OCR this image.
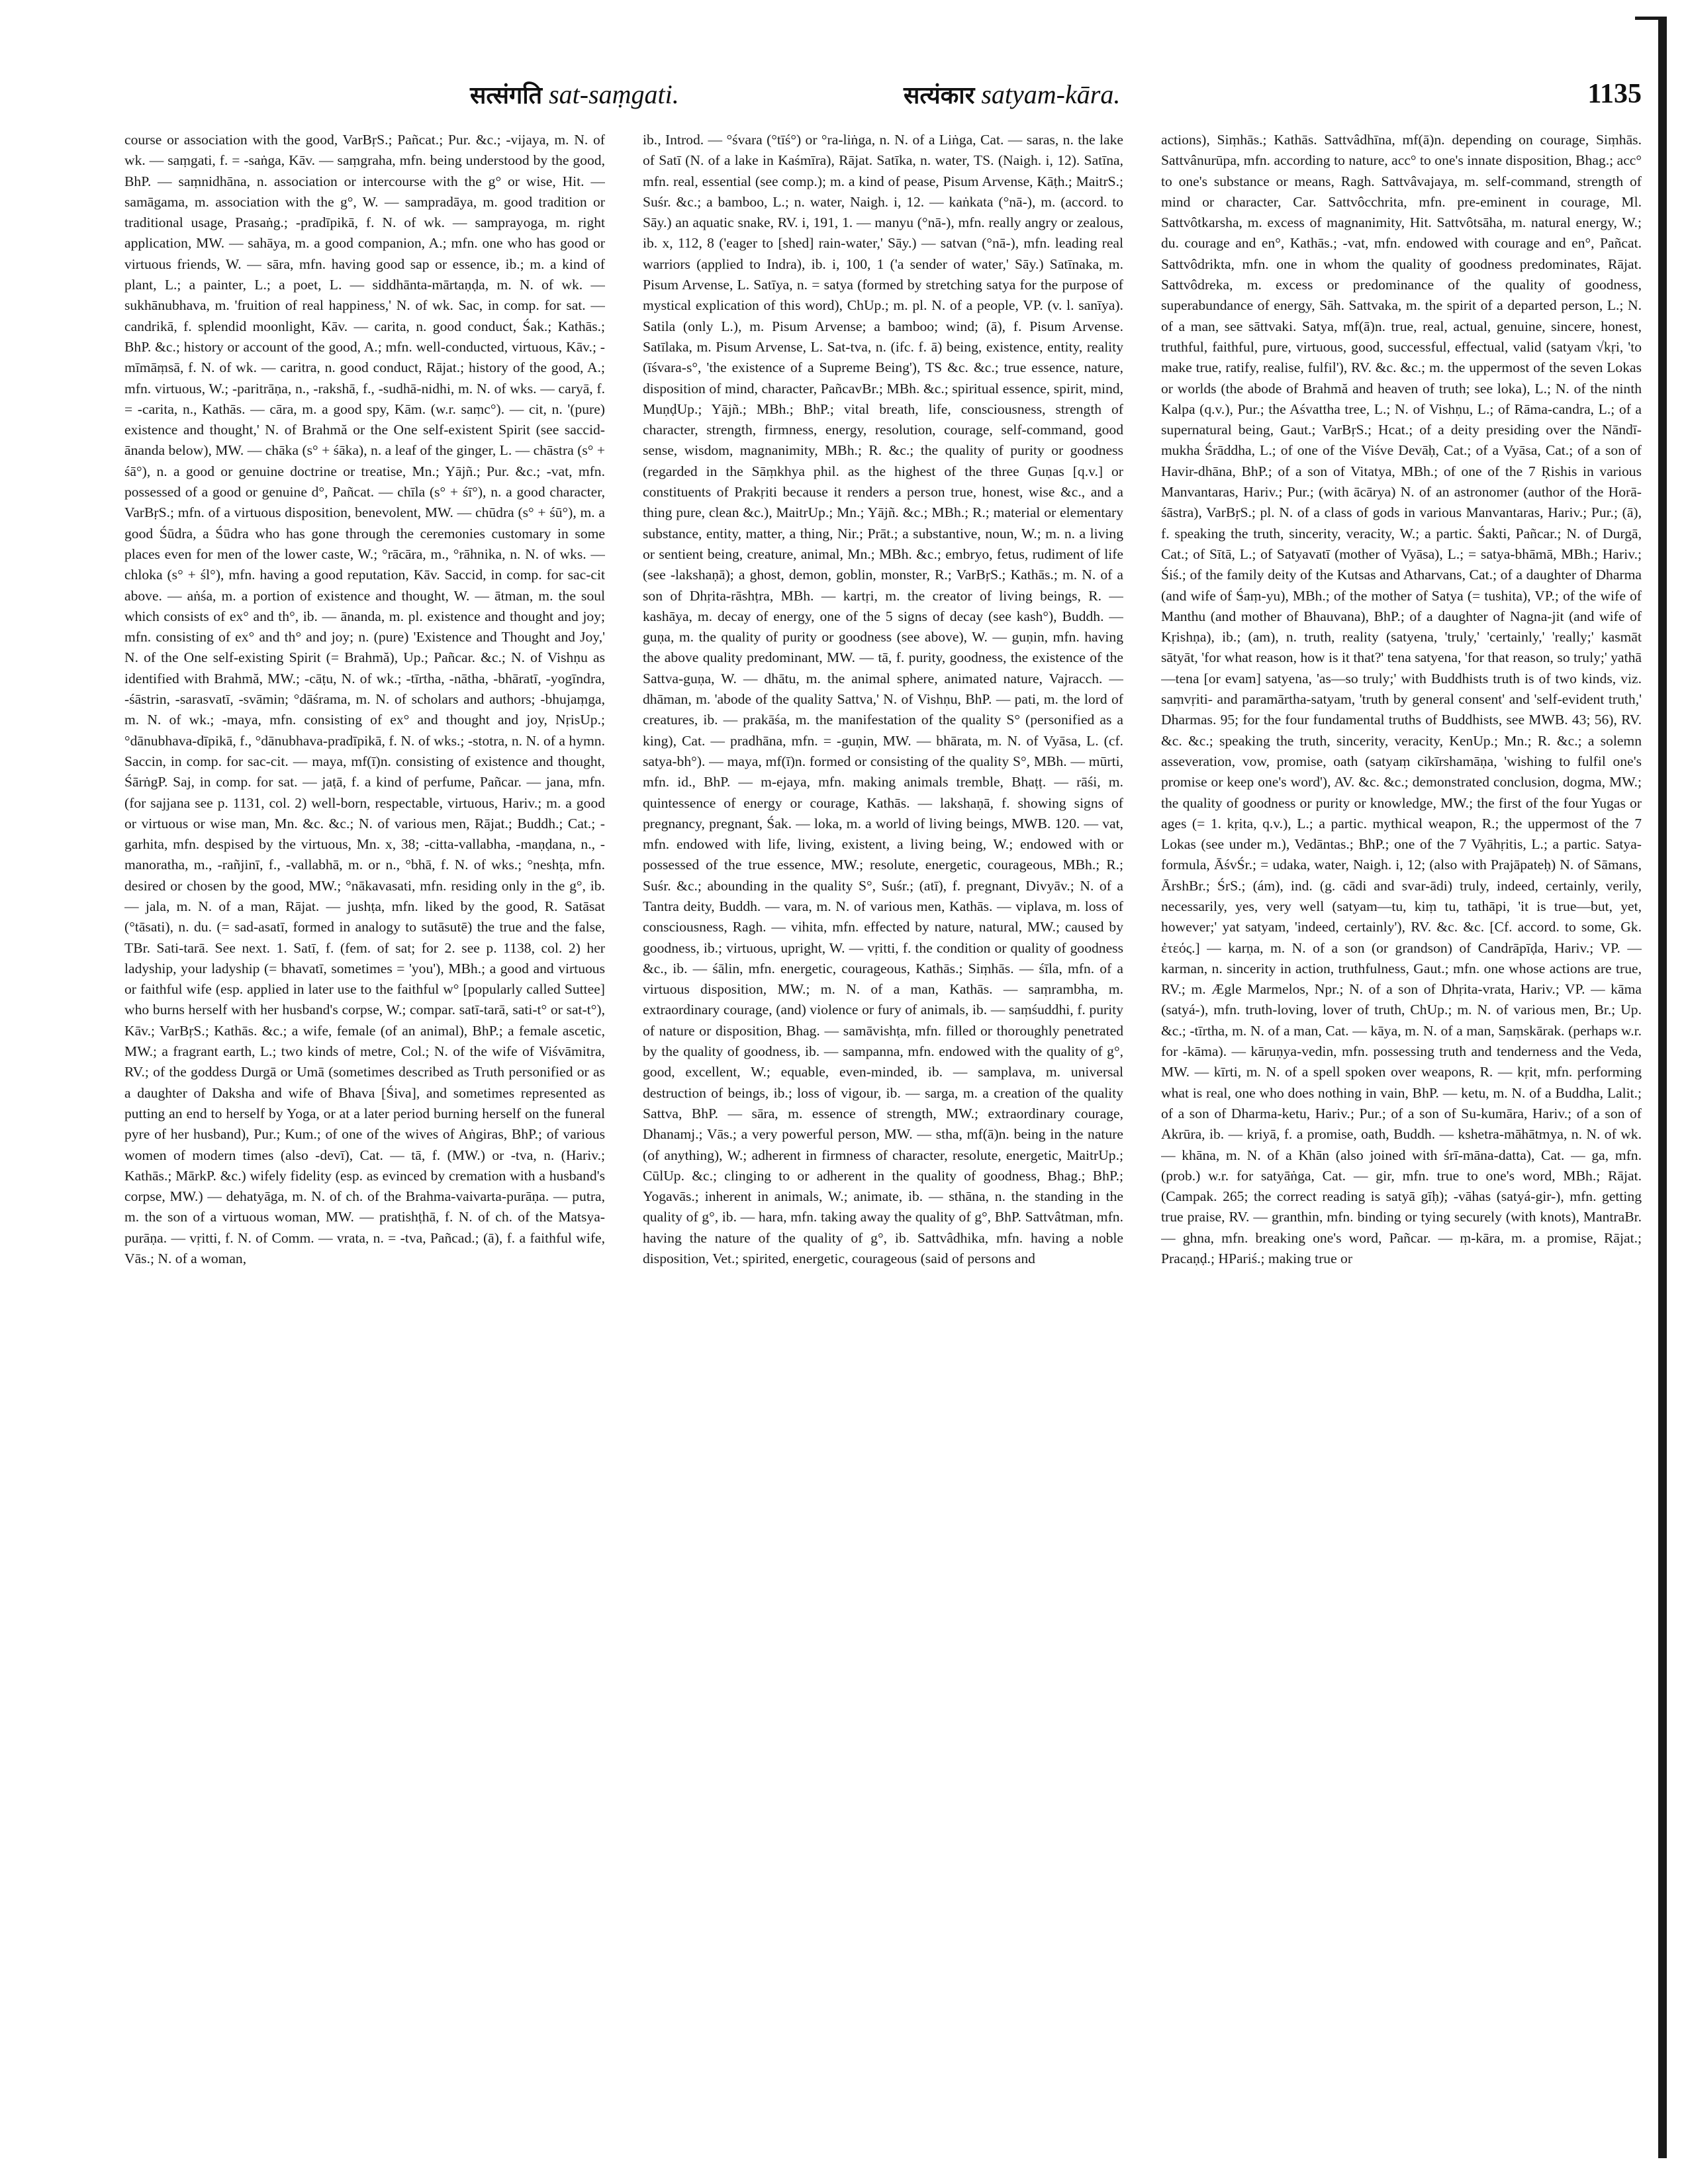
सत्संगति sat-saṃgati.	सत्यंकार satyam-kāra.	1135

course or association with the good, VarBṛS.; Pañcat.; Pur. &c.; -vijaya, m. N. of wk. — saṃgati, f. = -saṅga, Kāv. — saṃgraha, mfn. being understood by the good, BhP. — saṃnidhāna, n. association or intercourse with the g° or wise, Hit. — samāgama, m. association with the g°, W. — sampradāya, m. good tradition or traditional usage, Prasaṅg.; -pradīpikā, f. N. of wk. — samprayoga, m. right application, MW. — sahāya, m. a good companion, A.; mfn. one who has good or virtuous friends, W. — sāra, mfn. having good sap or essence, ib.; m. a kind of plant, L.; a painter, L.; a poet, L. — siddhānta-mārtaṇḍa, m. N. of wk. — sukhānubhava, m. 'fruition of real happiness,' N. of wk. Sac, in comp. for sat. — candrikā, f. splendid moonlight, Kāv. — carita, n. good conduct, Śak.; Kathās.; BhP. &c.; history or account of the good, A.; mfn. well-conducted, virtuous, Kāv.; -mīmāṃsā, f. N. of wk. — caritra, n. good conduct, Rājat.; history of the good, A.; mfn. virtuous, W.; -paritrāṇa, n., -rakshā, f., -sudhā-nidhi, m. N. of wks. — caryā, f. = -carita, n., Kathās. — cāra, m. a good spy, Kām. (w.r. saṃc°). — cit, n. '(pure) existence and thought,' N. of Brahmă or the One self-existent Spirit (see saccid-ānanda below), MW. — chāka (s° + śāka), n. a leaf of the ginger, L. — chāstra (s° + śā°), n. a good or genuine doctrine or treatise, Mn.; Yājñ.; Pur. &c.; -vat, mfn. possessed of a good or genuine d°, Pañcat. — chīla (s° + śī°), n. a good character, VarBṛS.; mfn. of a virtuous disposition, benevolent, MW. — chūdra (s° + śū°), m. a good Śūdra, a Śūdra who has gone through the ceremonies customary in some places even for men of the lower caste, W.; °rācāra, m., °rāhnika, n. N. of wks. — chloka (s° + śl°), mfn. having a good reputation, Kāv. Saccid, in comp. for sac-cit above. — aṅśa, m. a portion of existence and thought, W. — ātman, m. the soul which consists of ex° and th°, ib. — ānanda, m. pl. existence and thought and joy; mfn. consisting of ex° and th° and joy; n. (pure) 'Existence and Thought and Joy,' N. of the One self-existing Spirit (= Brahmă), Up.; Pañcar. &c.; N. of Vishṇu as identified with Brahmă, MW.; -cāṭu, N. of wk.; -tīrtha, -nātha, -bhāratī, -yogīndra, -śāstrin, -sarasvatī, -svāmin; °dāśrama, m. N. of scholars and authors; -bhujaṃga, m. N. of wk.; -maya, mfn. consisting of ex° and thought and joy, NṛisUp.; °dānubhava-dīpikā, f., °dānubhava-pradīpikā, f. N. of wks.; -stotra, n. N. of a hymn. Saccin, in comp. for sac-cit. — maya, mf(ī)n. consisting of existence and thought, ŚārṅgP. Saj, in comp. for sat. — jaṭā, f. a kind of perfume, Pañcar. — jana, mfn. (for sajjana see p. 1131, col. 2) well-born, respectable, virtuous, Hariv.; m. a good or virtuous or wise man, Mn. &c. &c.; N. of various men, Rājat.; Buddh.; Cat.; -garhita, mfn. despised by the virtuous, Mn. x, 38; -citta-vallabha, -maṇḍana, n., -manoratha, m., -rañjinī, f., -vallabhā, m. or n., °bhā, f. N. of wks.; °neshṭa, mfn. desired or chosen by the good, MW.; °nākavasati, mfn. residing only in the g°, ib. — jala, m. N. of a man, Rājat. — jushṭa, mfn. liked by the good, R. Satāsat (°tāsati), n. du. (= sad-asatī, formed in analogy to sutāsutē) the true and the false, TBr. Sati-tarā. See next. 1. Satī, f. (fem. of sat; for 2. see p. 1138, col. 2) her ladyship, your ladyship (= bhavatī, sometimes = 'you'), MBh.; a good and virtuous or faithful wife (esp. applied in later use to the faithful w° [popularly called Suttee] who burns herself with her husband's corpse, W.; compar. satī-tarā, sati-t° or sat-t°), Kāv.; VarBṛS.; Kathās. &c.; a wife, female (of an animal), BhP.; a female ascetic, MW.; a fragrant earth, L.; two kinds of metre, Col.; N. of the wife of Viśvāmitra, RV.; of the goddess Durgā or Umā (sometimes described as Truth personified or as a daughter of Daksha and wife of Bhava [Śiva], and sometimes represented as putting an end to herself by Yoga, or at a later period burning herself on the funeral pyre of her husband), Pur.; Kum.; of one of the wives of Aṅgiras, BhP.; of various women of modern times (also -devī), Cat. — tā, f. (MW.) or -tva, n. (Hariv.; Kathās.; MārkP. &c.) wifely fidelity (esp. as evinced by cremation with a husband's corpse, MW.) — dehatyāga, m. N. of ch. of the Brahma-vaivarta-purāṇa. — putra, m. the son of a virtuous woman, MW. — pratishṭhā, f. N. of ch. of the Matsya-purāṇa. — vṛitti, f. N. of Comm. — vrata, n. = -tva, Pañcad.; (ā), f. a faithful wife, Vās.; N. of a woman,

ib., Introd. — °śvara (°tīś°) or °ra-liṅga, n. N. of a Liṅga, Cat. — saras, n. the lake of Satī (N. of a lake in Kaśmīra), Rājat. Satīka, n. water, TS. (Naigh. i, 12). Satīna, mfn. real, essential (see comp.); m. a kind of pease, Pisum Arvense, Kāṭh.; MaitrS.; Suśr. &c.; a bamboo, L.; n. water, Naigh. i, 12. — kaṅkata (°nā-), m. (accord. to Sāy.) an aquatic snake, RV. i, 191, 1. — manyu (°nā-), mfn. really angry or zealous, ib. x, 112, 8 ('eager to [shed] rain-water,' Sāy.) — satvan (°nā-), mfn. leading real warriors (applied to Indra), ib. i, 100, 1 ('a sender of water,' Sāy.) Satīnaka, m. Pisum Arvense, L. Satīya, n. = satya (formed by stretching satya for the purpose of mystical explication of this word), ChUp.; m. pl. N. of a people, VP. (v. l. sanīya). Satila (only L.), m. Pisum Arvense; a bamboo; wind; (ā), f. Pisum Arvense. Satīlaka, m. Pisum Arvense, L. Sat-tva, n. (ifc. f. ā) being, existence, entity, reality (īśvara-s°, 'the existence of a Supreme Being'), TS &c. &c.; true essence, nature, disposition of mind, character, PañcavBr.; MBh. &c.; spiritual essence, spirit, mind, MuṇḍUp.; Yājñ.; MBh.; BhP.; vital breath, life, consciousness, strength of character, strength, firmness, energy, resolution, courage, self-command, good sense, wisdom, magnanimity, MBh.; R. &c.; the quality of purity or goodness (regarded in the Sāṃkhya phil. as the highest of the three Guṇas [q.v.] or constituents of Prakṛiti because it renders a person true, honest, wise &c., and a thing pure, clean &c.), MaitrUp.; Mn.; Yājñ. &c.; MBh.; R.; material or elementary substance, entity, matter, a thing, Nir.; Prāt.; a substantive, noun, W.; m. n. a living or sentient being, creature, animal, Mn.; MBh. &c.; embryo, fetus, rudiment of life (see -lakshaṇā); a ghost, demon, goblin, monster, R.; VarBṛS.; Kathās.; m. N. of a son of Dhṛita-rāshṭra, MBh. — kartṛi, m. the creator of living beings, R. — kashāya, m. decay of energy, one of the 5 signs of decay (see kash°), Buddh. — guṇa, m. the quality of purity or goodness (see above), W. — guṇin, mfn. having the above quality predominant, MW. — tā, f. purity, goodness, the existence of the Sattva-guṇa, W. — dhātu, m. the animal sphere, animated nature, Vajracch. — dhāman, m. 'abode of the quality Sattva,' N. of Vishṇu, BhP. — pati, m. the lord of creatures, ib. — prakāśa, m. the manifestation of the quality S° (personified as a king), Cat. — pradhāna, mfn. = -guṇin, MW. — bhārata, m. N. of Vyāsa, L. (cf. satya-bh°). — maya, mf(ī)n. formed or consisting of the quality S°, MBh. — mūrti, mfn. id., BhP. — m-ejaya, mfn. making animals tremble, Bhaṭṭ. — rāśi, m. quintessence of energy or courage, Kathās. — lakshaṇā, f. showing signs of pregnancy, pregnant, Śak. — loka, m. a world of living beings, MWB. 120. — vat, mfn. endowed with life, living, existent, a living being, W.; endowed with or possessed of the true essence, MW.; resolute, energetic, courageous, MBh.; R.; Suśr. &c.; abounding in the quality S°, Suśr.; (atī), f. pregnant, Divyāv.; N. of a Tantra deity, Buddh. — vara, m. N. of various men, Kathās. — viplava, m. loss of consciousness, Ragh. — vihita, mfn. effected by nature, natural, MW.; caused by goodness, ib.; virtuous, upright, W. — vṛitti, f. the condition or quality of goodness &c., ib. — śālin, mfn. energetic, courageous, Kathās.; Siṃhās. — śīla, mfn. of a virtuous disposition, MW.; m. N. of a man, Kathās. — saṃrambha, m. extraordinary courage, (and) violence or fury of animals, ib. — saṃśuddhi, f. purity of nature or disposition, Bhag. — samāvishṭa, mfn. filled or thoroughly penetrated by the quality of goodness, ib. — sampanna, mfn. endowed with the quality of g°, good, excellent, W.; equable, even-minded, ib. — samplava, m. universal destruction of beings, ib.; loss of vigour, ib. — sarga, m. a creation of the quality Sattva, BhP. — sāra, m. essence of strength, MW.; extraordinary courage, Dhanamj.; Vās.; a very powerful person, MW. — stha, mf(ā)n. being in the nature (of anything), W.; adherent in firmness of character, resolute, energetic, MaitrUp.; CūlUp. &c.; clinging to or adherent in the quality of goodness, Bhag.; BhP.; Yogavās.; inherent in animals, W.; animate, ib. — sthāna, n. the standing in the quality of g°, ib. — hara, mfn. taking away the quality of g°, BhP. Sattvâtman, mfn. having the nature of the quality of g°, ib. Sattvâdhika, mfn. having a noble disposition, Vet.; spirited, energetic, courageous (said of persons and

actions), Siṃhās.; Kathās. Sattvâdhīna, mf(ā)n. depending on courage, Siṃhās. Sattvânurūpa, mfn. according to nature, acc° to one's innate disposition, Bhag.; acc° to one's substance or means, Ragh. Sattvâvajaya, m. self-command, strength of mind or character, Car. Sattvôcchrita, mfn. pre-eminent in courage, Ml. Sattvôtkarsha, m. excess of magnanimity, Hit. Sattvôtsāha, m. natural energy, W.; du. courage and en°, Kathās.; -vat, mfn. endowed with courage and en°, Pañcat. Sattvôdrikta, mfn. one in whom the quality of goodness predominates, Rājat. Sattvôdreka, m. excess or predominance of the quality of goodness, superabundance of energy, Sāh. Sattvaka, m. the spirit of a departed person, L.; N. of a man, see sāttvaki. Satya, mf(ā)n. true, real, actual, genuine, sincere, honest, truthful, faithful, pure, virtuous, good, successful, effectual, valid (satyam √kṛi, 'to make true, ratify, realise, fulfil'), RV. &c. &c.; m. the uppermost of the seven Lokas or worlds (the abode of Brahmă and heaven of truth; see loka), L.; N. of the ninth Kalpa (q.v.), Pur.; the Aśvattha tree, L.; N. of Vishṇu, L.; of Rāma-candra, L.; of a supernatural being, Gaut.; VarBṛS.; Hcat.; of a deity presiding over the Nāndī-mukha Śrāddha, L.; of one of the Viśve Devāḥ, Cat.; of a Vyāsa, Cat.; of a son of Havir-dhāna, BhP.; of a son of Vitatya, MBh.; of one of the 7 Ṛishis in various Manvantaras, Hariv.; Pur.; (with ācārya) N. of an astronomer (author of the Horā-śāstra), VarBṛS.; pl. N. of a class of gods in various Manvantaras, Hariv.; Pur.; (ā), f. speaking the truth, sincerity, veracity, W.; a partic. Śakti, Pañcar.; N. of Durgā, Cat.; of Sītā, L.; of Satyavatī (mother of Vyāsa), L.; = satya-bhāmā, MBh.; Hariv.; Śiś.; of the family deity of the Kutsas and Atharvans, Cat.; of a daughter of Dharma (and wife of Śaṃ-yu), MBh.; of the mother of Satya (= tushita), VP.; of the wife of Manthu (and mother of Bhauvana), BhP.; of a daughter of Nagna-jit (and wife of Kṛishṇa), ib.; (am), n. truth, reality (satyena, 'truly,' 'certainly,' 'really;' kasmāt sātyāt, 'for what reason, how is it that?' tena satyena, 'for that reason, so truly;' yathā—tena [or evam] satyena, 'as—so truly;' with Buddhists truth is of two kinds, viz. saṃvṛiti- and paramārtha-satyam, 'truth by general consent' and 'self-evident truth,' Dharmas. 95; for the four fundamental truths of Buddhists, see MWB. 43; 56), RV. &c. &c.; speaking the truth, sincerity, veracity, KenUp.; Mn.; R. &c.; a solemn asseveration, vow, promise, oath (satyaṃ cikīrshamāṇa, 'wishing to fulfil one's promise or keep one's word'), AV. &c. &c.; demonstrated conclusion, dogma, MW.; the quality of goodness or purity or knowledge, MW.; the first of the four Yugas or ages (= 1. kṛita, q.v.), L.; a partic. mythical weapon, R.; the uppermost of the 7 Lokas (see under m.), Vedāntas.; BhP.; one of the 7 Vyāhṛitis, L.; a partic. Satya-formula, ĀśvŚr.; = udaka, water, Naigh. i, 12; (also with Prajāpateḥ) N. of Sāmans, ĀrshBr.; ŚrS.; (ám), ind. (g. cādi and svar-ādi) truly, indeed, certainly, verily, necessarily, yes, very well (satyam—tu, kiṃ tu, tathāpi, 'it is true—but, yet, however;' yat satyam, 'indeed, certainly'), RV. &c. &c. [Cf. accord. to some, Gk. ἐτεός.] — karṇa, m. N. of a son (or grandson) of Candrāpīḍa, Hariv.; VP. — karman, n. sincerity in action, truthfulness, Gaut.; mfn. one whose actions are true, RV.; m. Ægle Marmelos, Npr.; N. of a son of Dhṛita-vrata, Hariv.; VP. — kāma (satyá-), mfn. truth-loving, lover of truth, ChUp.; m. N. of various men, Br.; Up. &c.; -tīrtha, m. N. of a man, Cat. — kāya, m. N. of a man, Saṃskārak. (perhaps w.r. for -kāma). — kāruṇya-vedin, mfn. possessing truth and tenderness and the Veda, MW. — kīrti, m. N. of a spell spoken over weapons, R. — kṛit, mfn. performing what is real, one who does nothing in vain, BhP. — ketu, m. N. of a Buddha, Lalit.; of a son of Dharma-ketu, Hariv.; Pur.; of a son of Su-kumāra, Hariv.; of a son of Akrūra, ib. — kriyā, f. a promise, oath, Buddh. — kshetra-māhātmya, n. N. of wk. — khāna, m. N. of a Khān (also joined with śrī-māna-datta), Cat. — ga, mfn. (prob.) w.r. for satyāṅga, Cat. — gir, mfn. true to one's word, MBh.; Rājat. (Campak. 265; the correct reading is satyā gīḥ); -vāhas (satyá-gir-), mfn. getting true praise, RV. — granthin, mfn. binding or tying securely (with knots), MantraBr. — ghna, mfn. breaking one's word, Pañcar. — ṃ-kāra, m. a promise, Rājat.; Pracaṇḍ.; HPariś.; making true or
